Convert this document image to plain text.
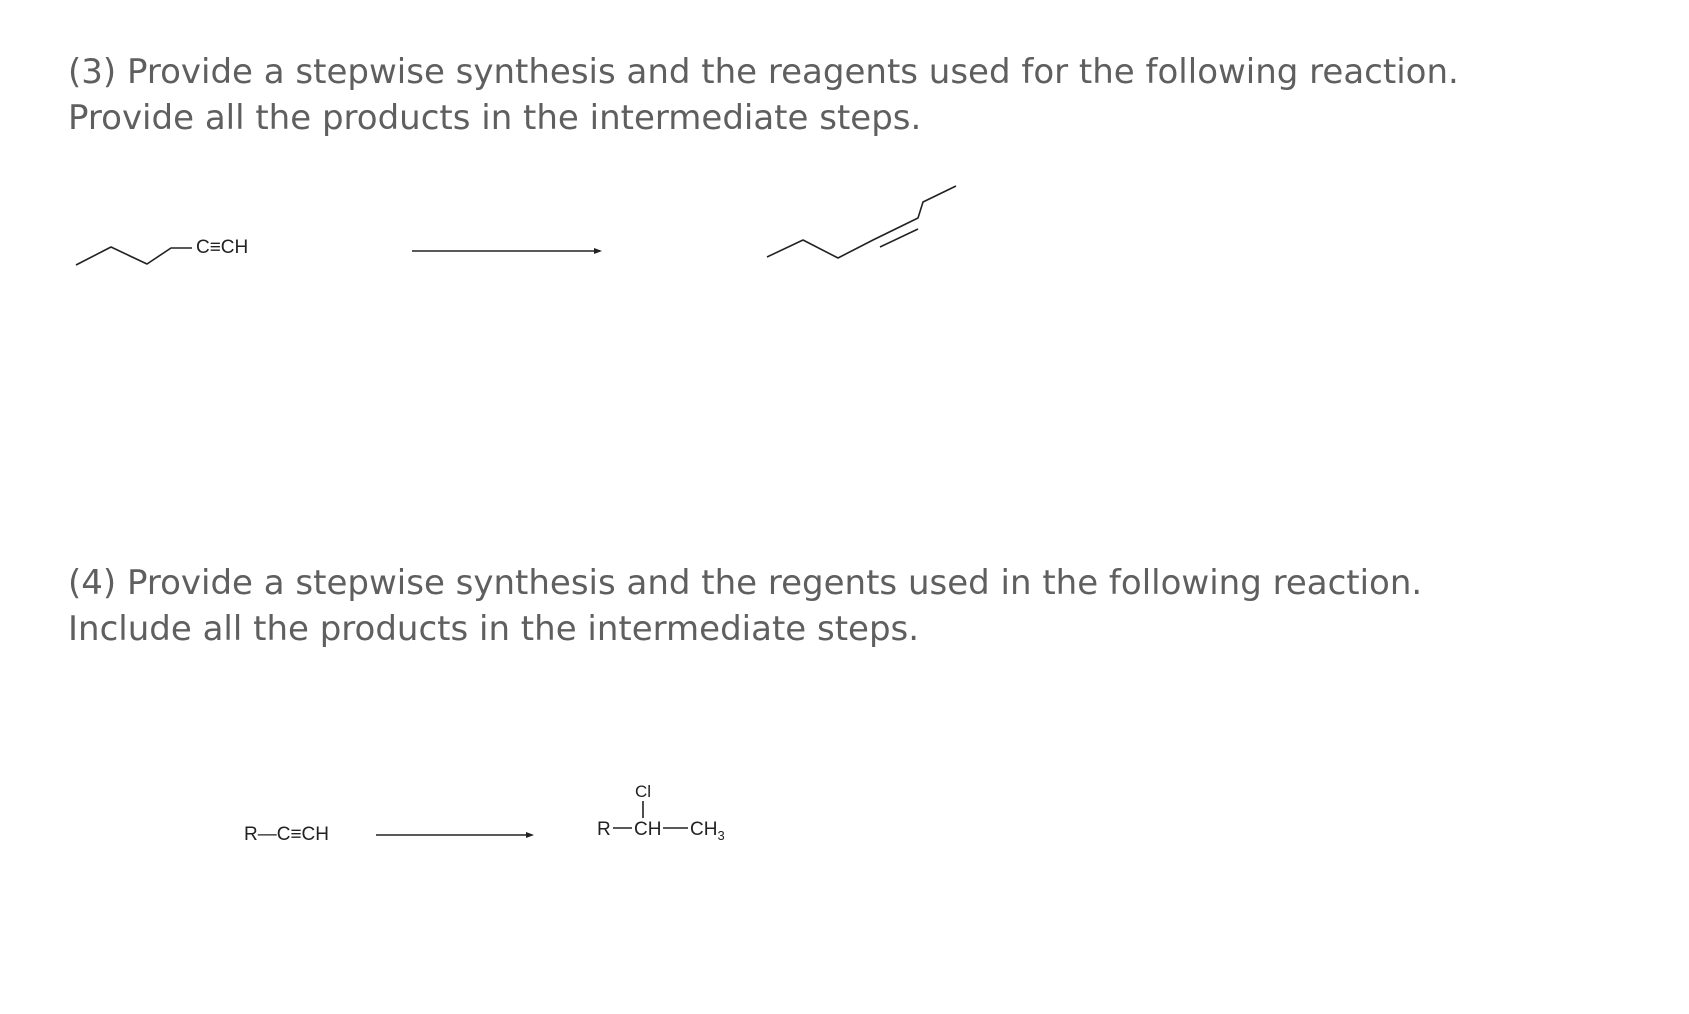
(3) Provide a stepwise synthesis and the reagents used for the following reaction.
Provide all the products in the intermediate steps.
(4) Provide a stepwise synthesis and the regents used in the following reaction.
Include all the products in the intermediate steps.
C≡CH
R—C≡CH
Cl
R CH $CH_3$
